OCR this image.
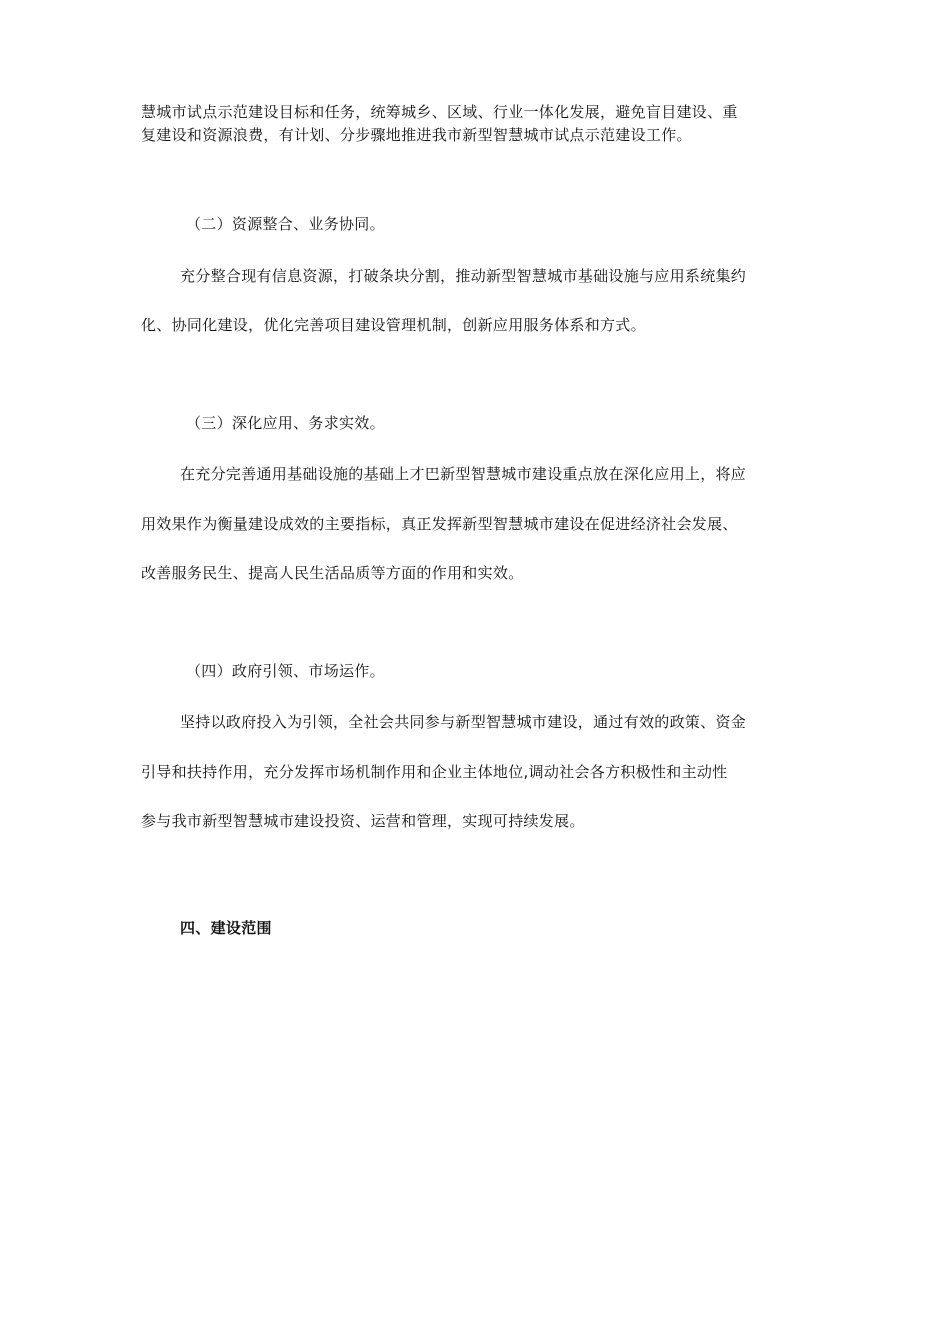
慧城市试点示范建设目标和任务，统筹城乡、区域、行业一体化发展，避免盲目建设、重
复建设和资源浪费，有计划、分步骤地推进我市新型智慧城市试点示范建设工作。
（二）资源整合、业务协同。
充分整合现有信息资源，打破条块分割，推动新型智慧城市基础设施与应用系统集约
化、协同化建设，优化完善项目建设管理机制，创新应用服务体系和方式。
（三）深化应用、务求实效。
在充分完善通用基础设施的基础上才巴新型智慧城市建设重点放在深化应用上，将应
用效果作为衡量建设成效的主要指标，真正发挥新型智慧城市建设在促进经济社会发展、
改善服务民生、提高人民生活品质等方面的作用和实效。
（四）政府引领、市场运作。
坚持以政府投入为引领，全社会共同参与新型智慧城市建设，通过有效的政策、资金
引导和扶持作用，充分发挥市场机制作用和企业主体地位,调动社会各方积极性和主动性
参与我市新型智慧城市建设投资、运营和管理，实现可持续发展。
四、建设范围
